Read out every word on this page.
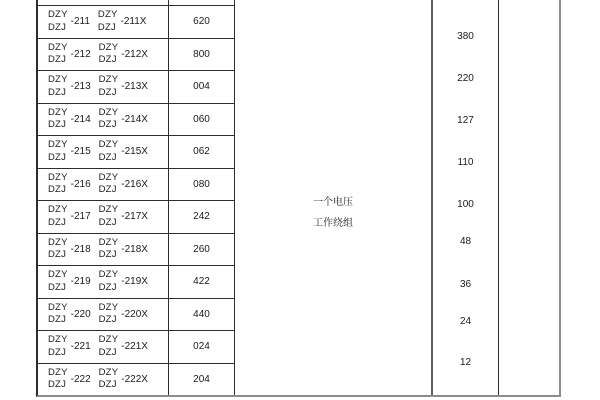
DZY
DZJ -211
DZY
DZJ -211X
DZY
DZJ -212
DZY
DZJ -212X
DZY
DZJ -213
DZY
DZJ -213X
DZY
DZJ -214
DZY
DZJ -214X
DZY
DZJ -215
DZY
DZJ -215X
DZY
DZJ -216
DZY
DZJ -216X
DZY
DZJ -217
DZY
DZJ -217X
DZY
DZJ -218
DZY
DZJ -218X
DZY
DZJ -219
DZY
DZJ -219X
DZY
DZJ -220
DZY
DZJ -220X
DZY
DZJ -221
DZY
DZJ -221X
DZY
DZJ -222
DZY
DZJ -222X
620
800
004
060
062
080
242
260
422
440
024
204
一个电压
工作绕组
380
220
127
110
100
48
36
24
12
